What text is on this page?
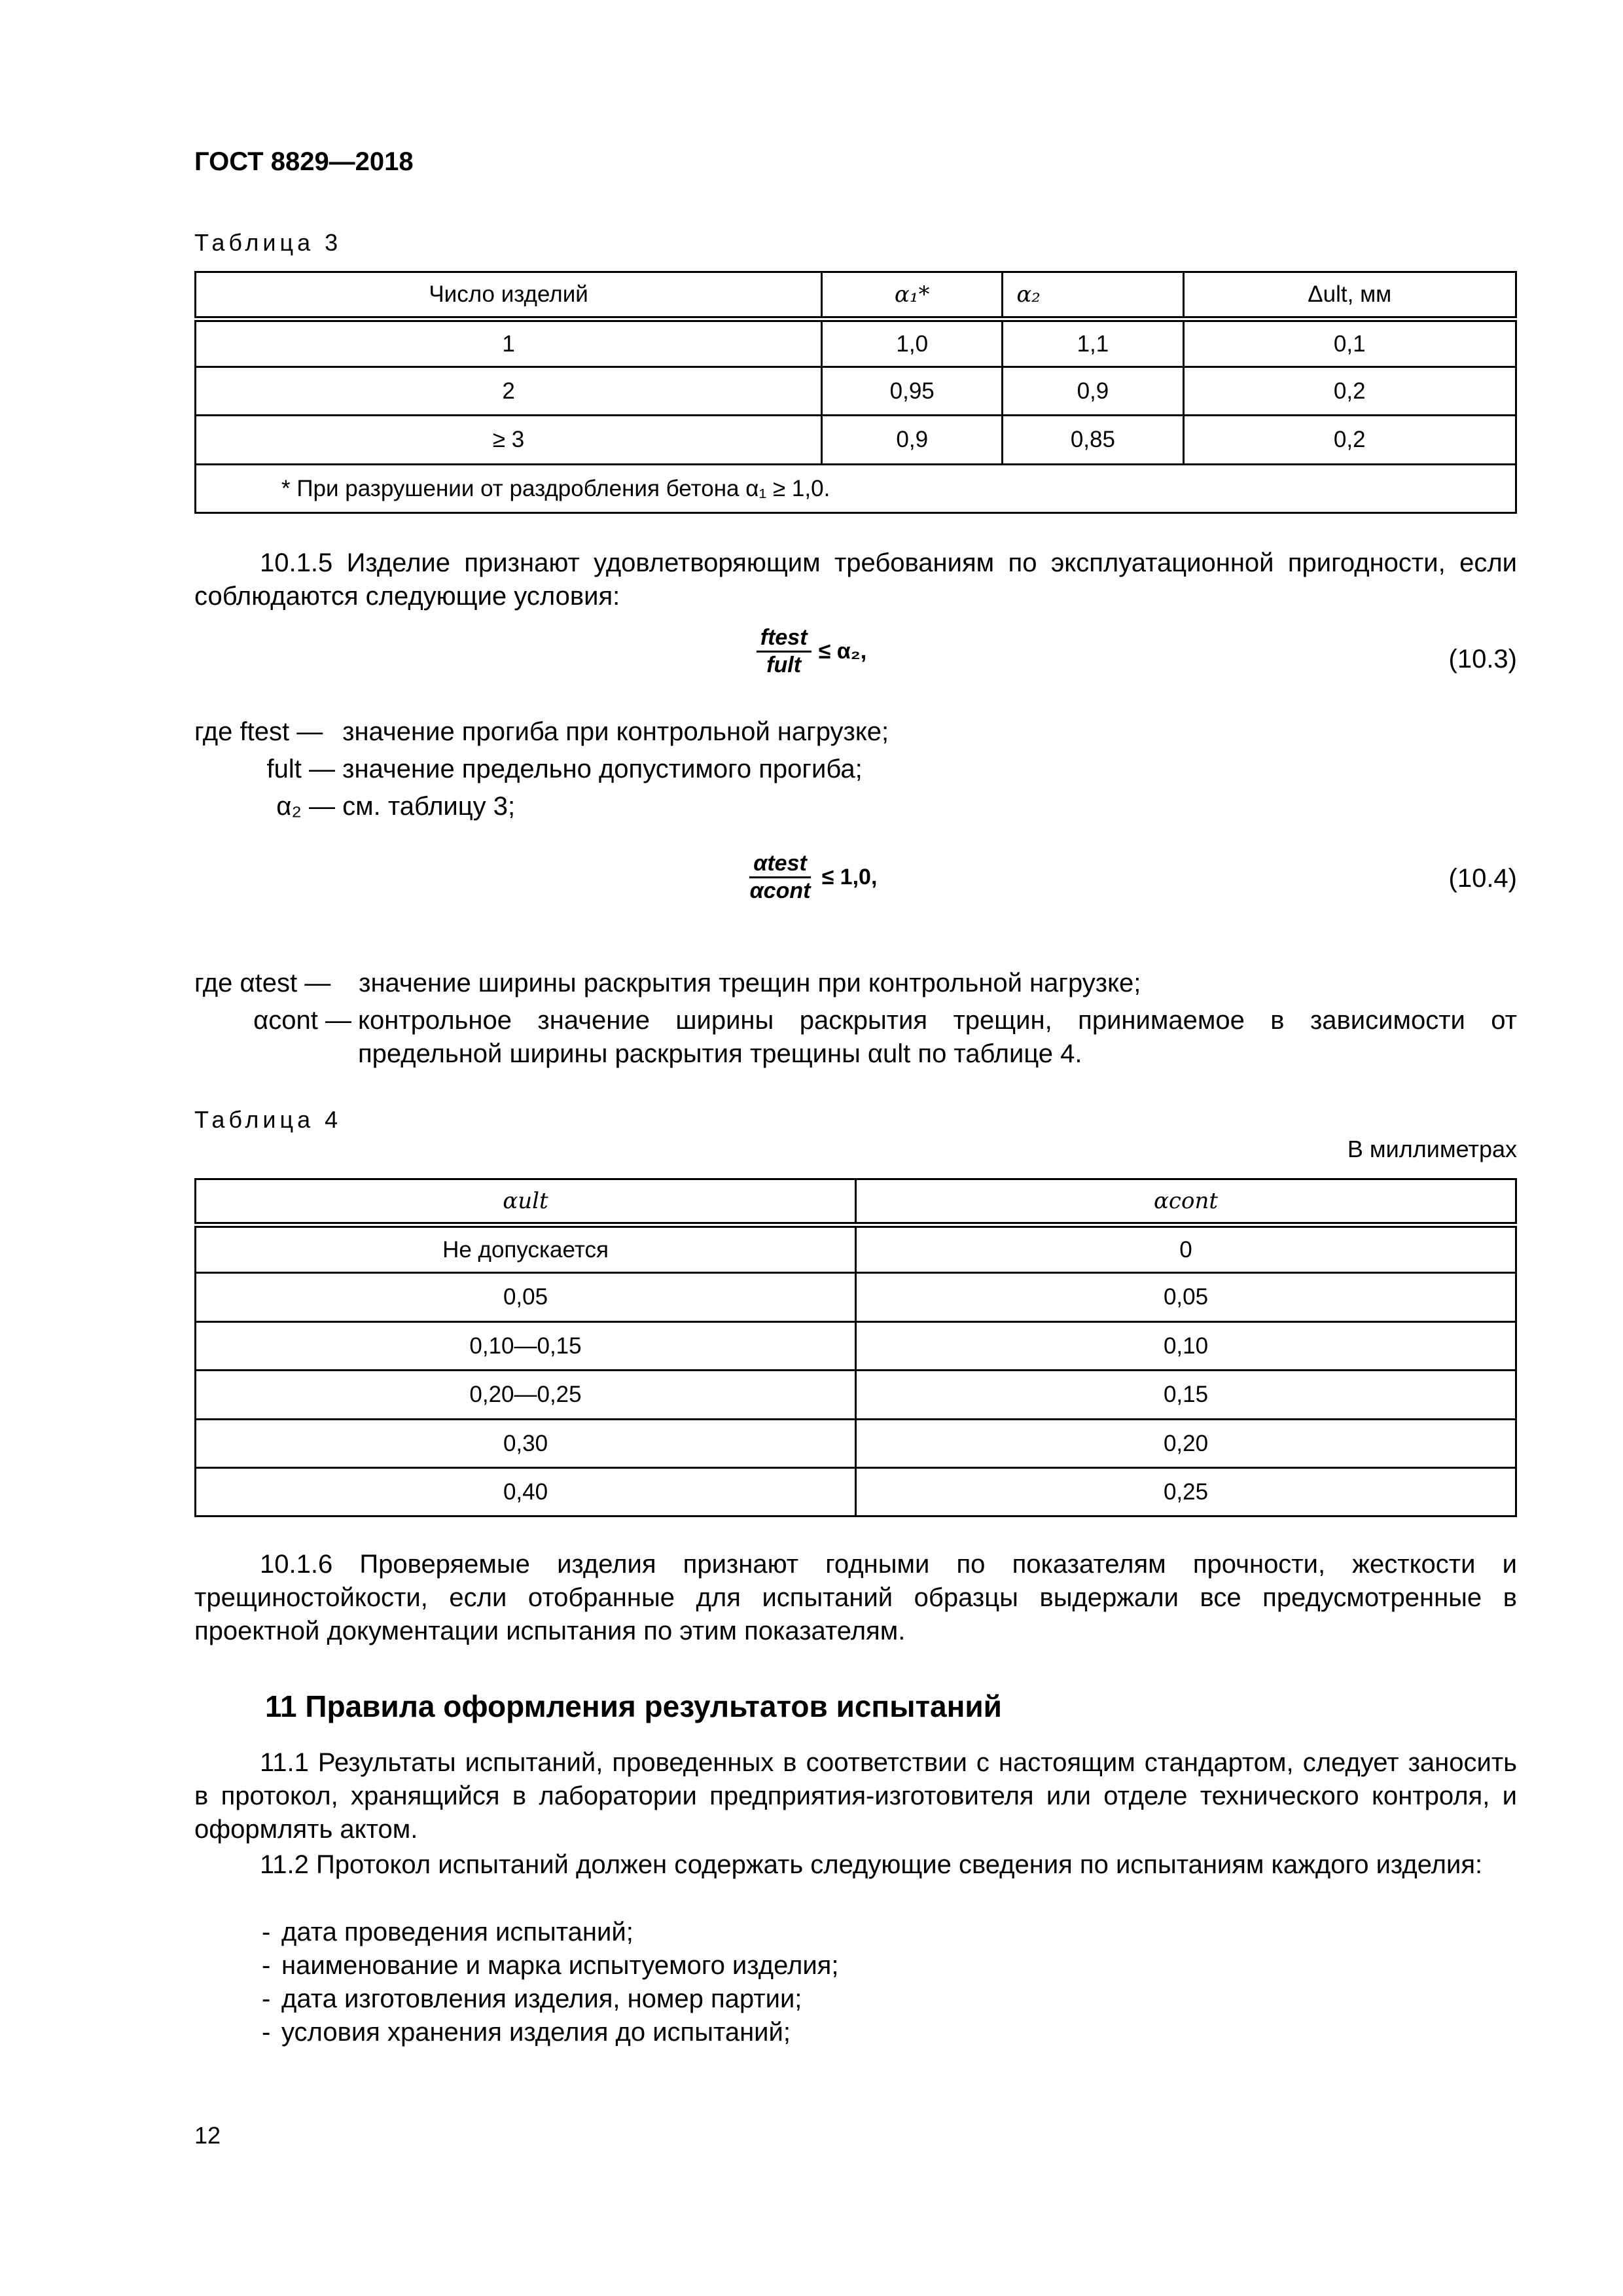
ГОСТ 8829—2018
Таблица 3
Число изделий	α₁*	α₂	Δult, мм
1	1,0	1,1	0,1
2	0,95	0,9	0,2
≥ 3	0,9	0,85	0,2
* При разрушении от раздробления бетона α₁ ≥ 1,0.			
10.1.5 Изделие признают удовлетворяющим требованиям по эксплуатационной пригодности, если соблюдаются следующие условия:
$\frac{\text{ftest}}{\text{fult}} \le \alpha_2$,	(10.3)
где ftest — значение прогиба при контрольной нагрузке;
fult — значение предельно допустимого прогиба;
α₂ — см. таблицу 3;
$\frac{\text{αtest}}{\text{αcont}} \le 1,0$,	(10.4)
где αtest — значение ширины раскрытия трещин при контрольной нагрузке;
αcont — контрольное значение ширины раскрытия трещин, принимаемое в зависимости от предельной ширины раскрытия трещины αult по таблице 4.
Таблица 4
В миллиметрах
αult	αcont
Не допускается	0
0,05	0,05
0,10—0,15	0,10
0,20—0,25	0,15
0,30	0,20
0,40	0,25
10.1.6 Проверяемые изделия признают годными по показателям прочности, жесткости и трещиностойкости, если отобранные для испытаний образцы выдержали все предусмотренные в проектной документации испытания по этим показателям.
11 Правила оформления результатов испытаний
11.1 Результаты испытаний, проведенных в соответствии с настоящим стандартом, следует заносить в протокол, хранящийся в лаборатории предприятия-изготовителя или отделе технического контроля, и оформлять актом.
11.2 Протокол испытаний должен содержать следующие сведения по испытаниям каждого изделия:
- дата проведения испытаний;
- наименование и марка испытуемого изделия;
- дата изготовления изделия, номер партии;
- условия хранения изделия до испытаний;
12
